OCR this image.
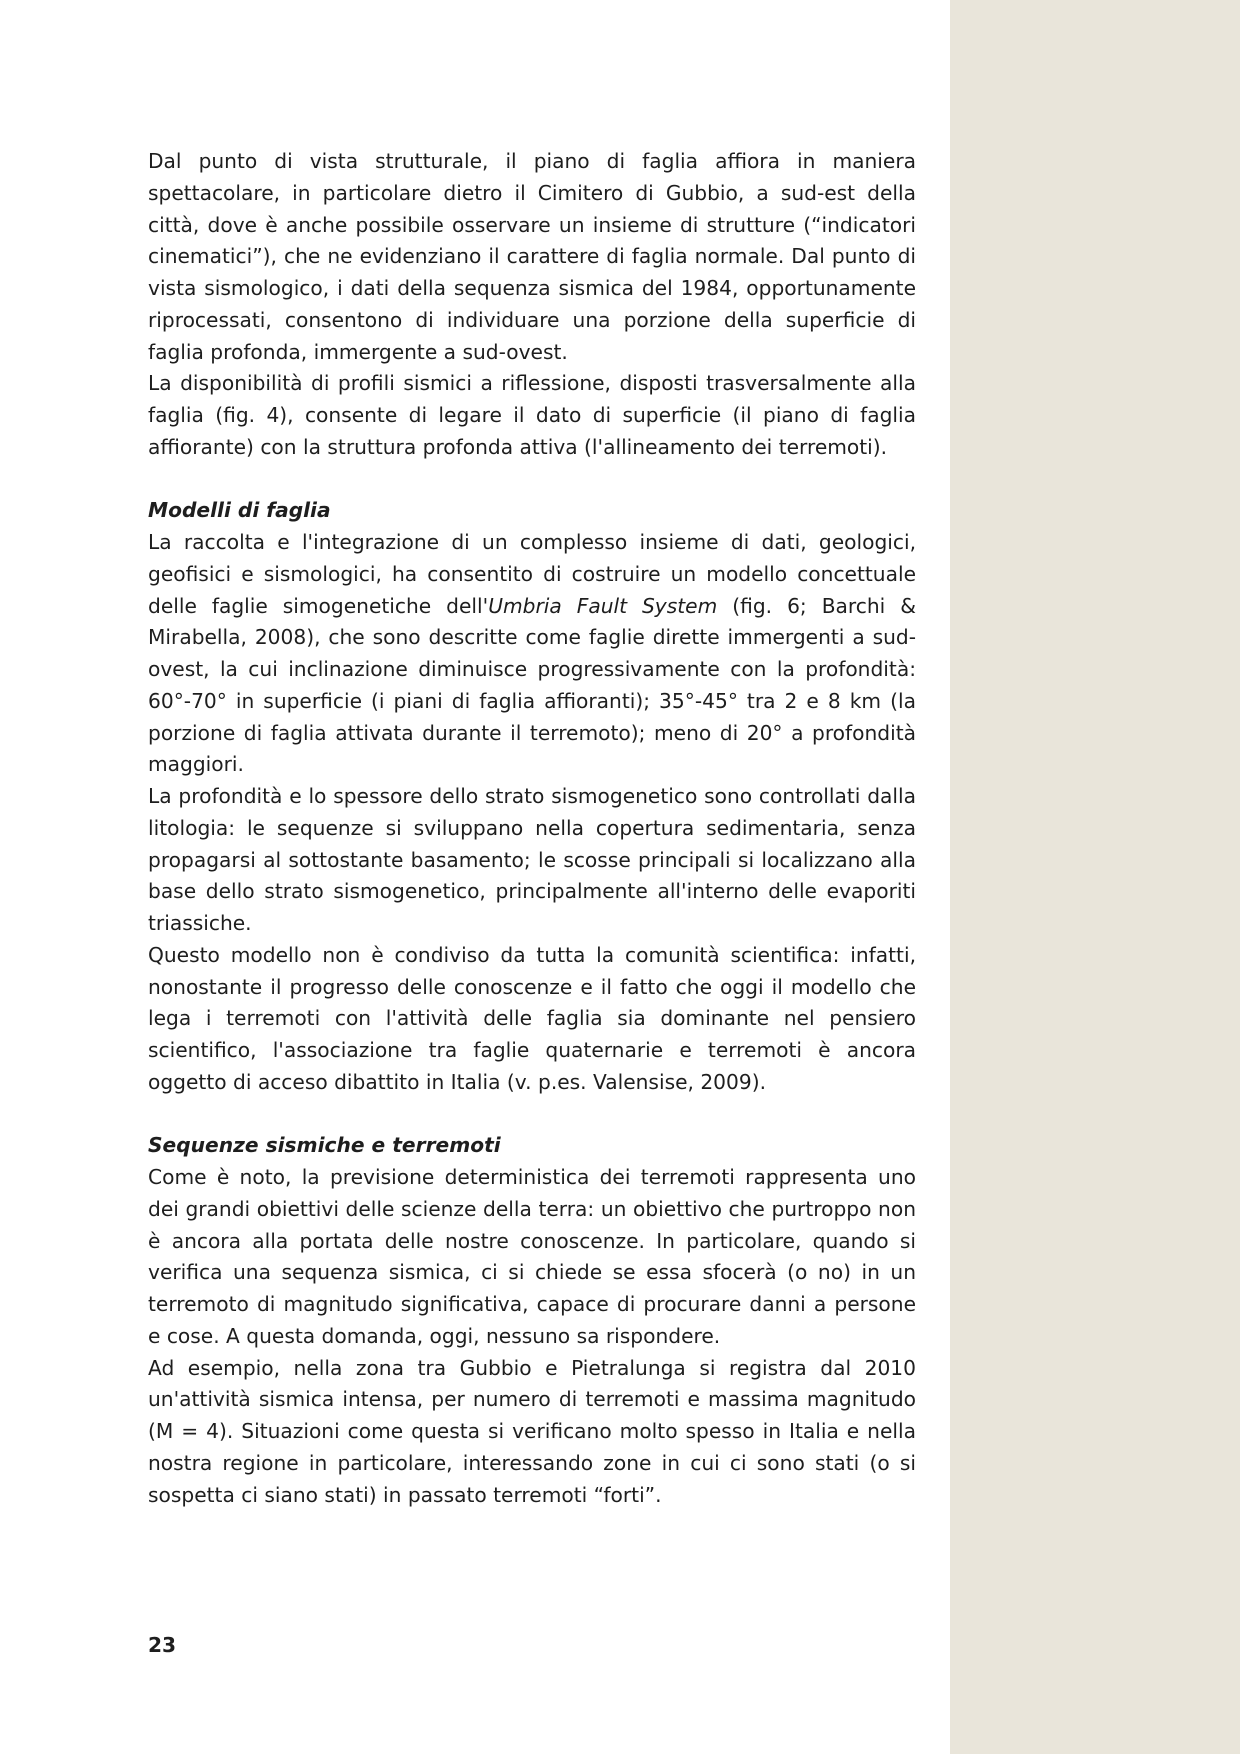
Dal punto di vista strutturale, il piano di faglia affiora in maniera spettacolare, in particolare dietro il Cimitero di Gubbio, a sud-est della città, dove è anche possibile osservare un insieme di strutture (“indicatori cinematici”), che ne evidenziano il carattere di faglia normale. Dal punto di vista sismologico, i dati della sequenza sismica del 1984, opportunamente riprocessati, consentono di individuare una porzione della superficie di faglia profonda, immergente a sud-ovest.

La disponibilità di profili sismici a riflessione, disposti trasversalmente alla faglia (fig. 4), consente di legare il dato di superficie (il piano di faglia affiorante) con la struttura profonda attiva (l'allineamento dei terremoti).

Modelli di faglia

La raccolta e l'integrazione di un complesso insieme di dati, geologici, geofisici e sismologici, ha consentito di costruire un modello concettuale delle faglie simogenetiche dell'Umbria Fault System (fig. 6; Barchi & Mirabella, 2008), che sono descritte come faglie dirette immergenti a sud-ovest, la cui inclinazione diminuisce progressivamente con la profondità: 60°-70° in superficie (i piani di faglia affioranti); 35°-45° tra 2 e 8 km (la porzione di faglia attivata durante il terremoto); meno di 20° a profondità maggiori.

La profondità e lo spessore dello strato sismogenetico sono controllati dalla litologia: le sequenze si sviluppano nella copertura sedimentaria, senza propagarsi al sottostante basamento; le scosse principali si localizzano alla base dello strato sismogenetico, principalmente all'interno delle evaporiti triassiche.

Questo modello non è condiviso da tutta la comunità scientifica: infatti, nonostante il progresso delle conoscenze e il fatto che oggi il modello che lega i terremoti con l'attività delle faglia sia dominante nel pensiero scientifico, l'associazione tra faglie quaternarie e terremoti è ancora oggetto di acceso dibattito in Italia (v. p.es. Valensise, 2009).

Sequenze sismiche e terremoti

Come è noto, la previsione deterministica dei terremoti rappresenta uno dei grandi obiettivi delle scienze della terra: un obiettivo che purtroppo non è ancora alla portata delle nostre conoscenze. In particolare, quando si verifica una sequenza sismica, ci si chiede se essa sfocerà (o no) in un terremoto di magnitudo significativa, capace di procurare danni a persone e cose. A questa domanda, oggi, nessuno sa rispondere.

Ad esempio, nella zona tra Gubbio e Pietralunga si registra dal 2010 un'attività sismica intensa, per numero di terremoti e massima magnitudo (M = 4). Situazioni come questa si verificano molto spesso in Italia e nella nostra regione in particolare, interessando zone in cui ci sono stati (o si sospetta ci siano stati) in passato terremoti “forti”.

23
